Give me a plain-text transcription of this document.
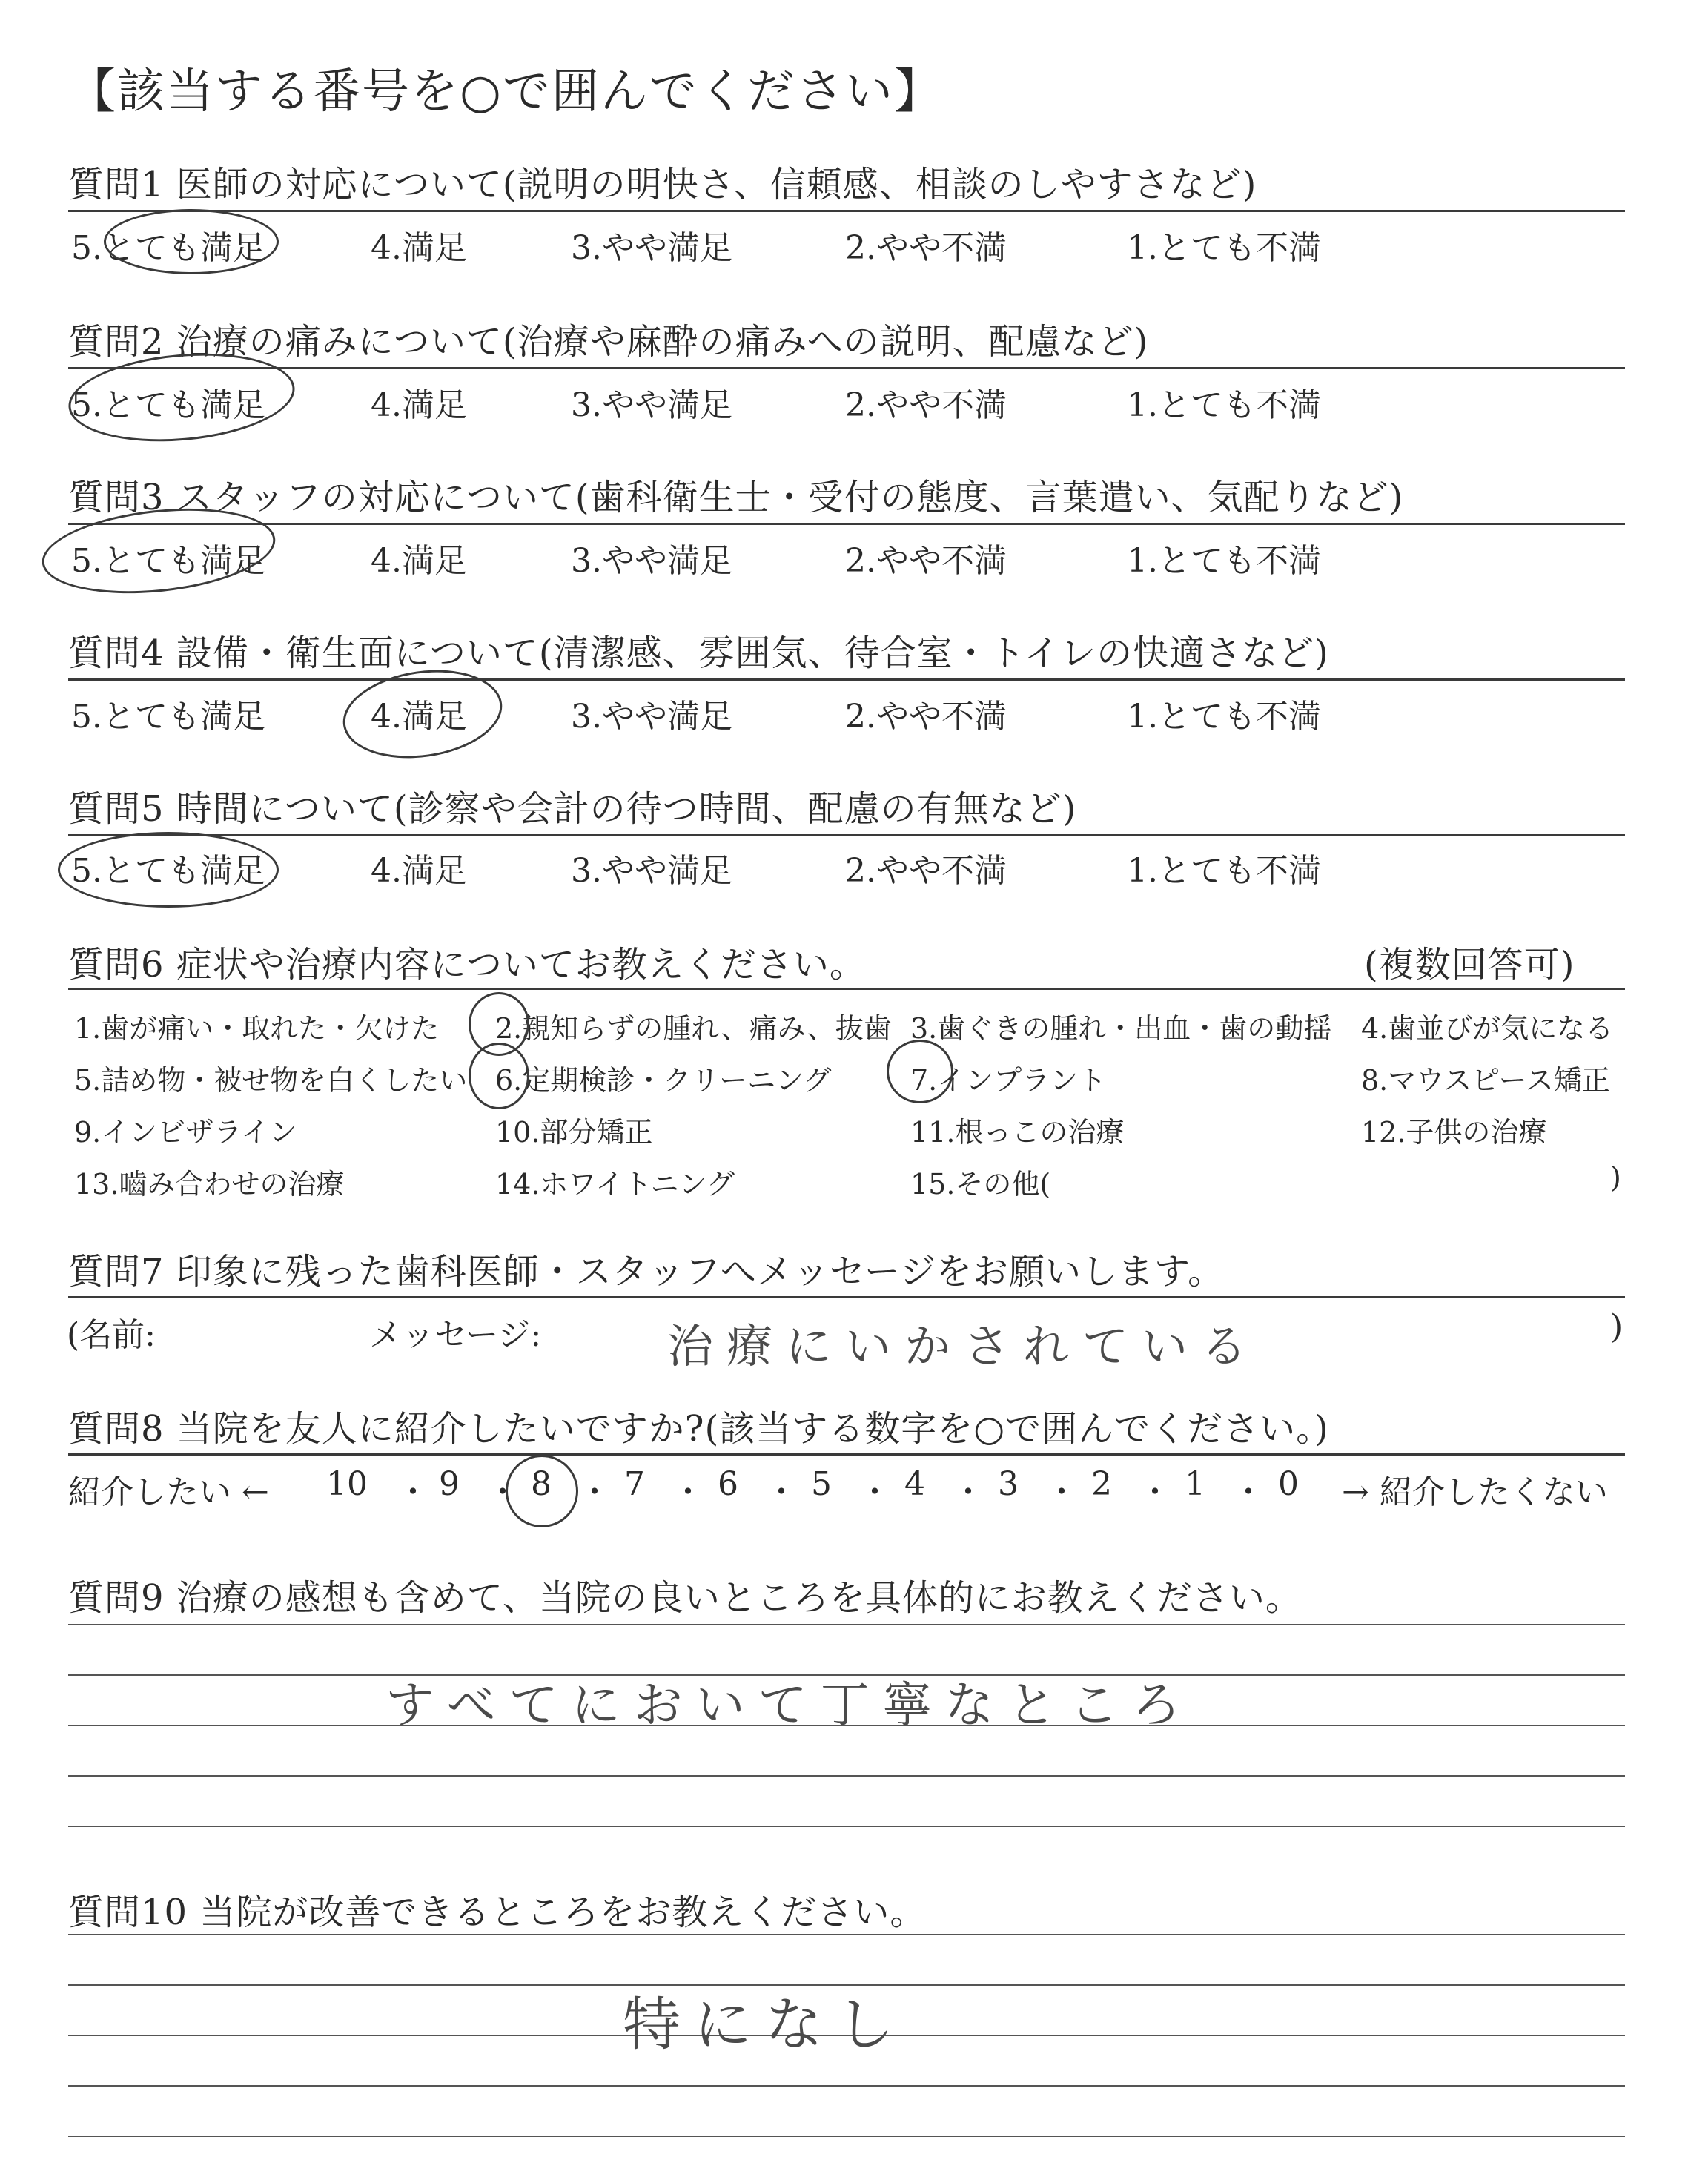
【該当する番号を○で囲んでください】
質問1 医師の対応について(説明の明快さ、信頼感、相談のしやすさなど)
5.とても満足	4.満足	3.やや満足	2.やや不満	1.とても不満
質問2 治療の痛みについて(治療や麻酔の痛みへの説明、配慮など)
5.とても満足	4.満足	3.やや満足	2.やや不満	1.とても不満
質問3 スタッフの対応について(歯科衛生士・受付の態度、言葉遣い、気配りなど)
5.とても満足	4.満足	3.やや満足	2.やや不満	1.とても不満
質問4 設備・衛生面について(清潔感、雰囲気、待合室・トイレの快適さなど)
5.とても満足	4.満足	3.やや満足	2.やや不満	1.とても不満
質問5 時間について(診察や会計の待つ時間、配慮の有無など)
5.とても満足	4.満足	3.やや満足	2.やや不満	1.とても不満
質問6 症状や治療内容についてお教えください。	(複数回答可)
1.歯が痛い・取れた・欠けた 2.親知らずの腫れ、痛み、抜歯 3.歯ぐきの腫れ・出血・歯の動揺 4.歯並びが気になる
5.詰め物・被せ物を白くしたい 6.定期検診・クリーニング	7.インプラント	8.マウスピース矯正
9.インビザライン	10.部分矯正	11.根っこの治療	12.子供の治療
13.嚙み合わせの治療	14.ホワイトニング	15.その他(	)
質問7 印象に残った歯科医師・スタッフへメッセージをお願いします。
(名前:	メッセージ:	)
治療にいかされている
質問8 当院を友人に紹介したいですか?(該当する数字を○で囲んでください。)
紹介したい ←	→ 紹介したくない
10 ・ 9 ・ 8 ・ 7 ・ 6 ・ 5 ・ 4 ・ 3 ・ 2 ・ 1 ・ 0
質問9 治療の感想も含めて、当院の良いところを具体的にお教えください。
すべてにおいて丁寧なところ
質問10 当院が改善できるところをお教えください。
特になし
